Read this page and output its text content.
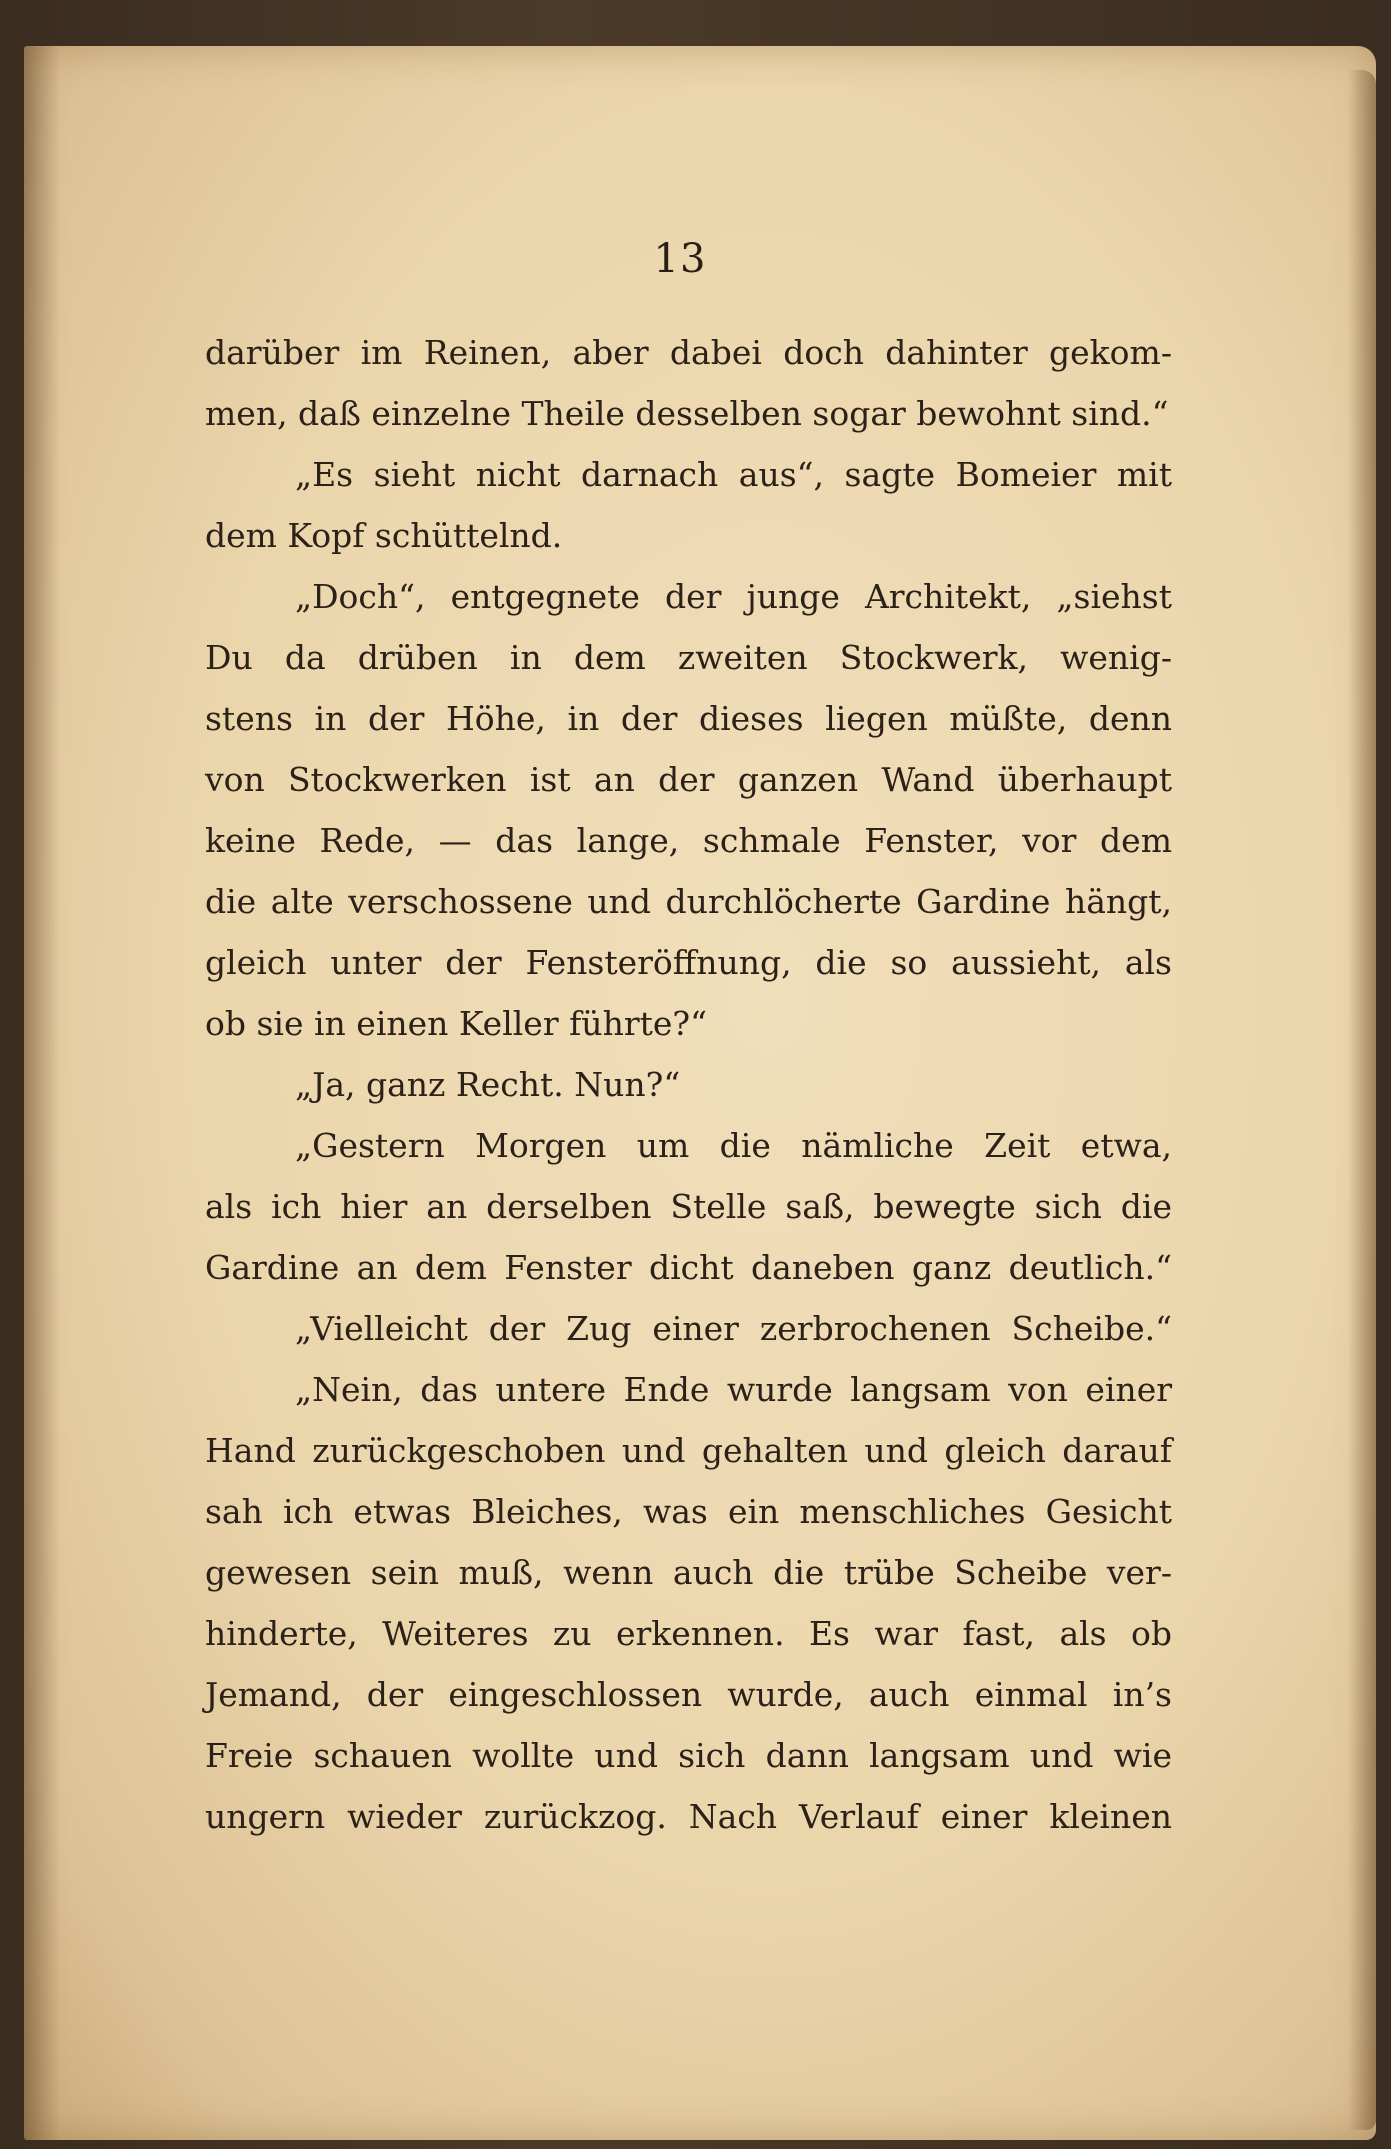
13
darüber im Reinen, aber dabei doch dahinter gekom-
men, daß einzelne Theile desselben sogar bewohnt sind.“
„Es sieht nicht darnach aus“, sagte Bomeier mit
dem Kopf schüttelnd.
„Doch“, entgegnete der junge Architekt, „siehst
Du da drüben in dem zweiten Stockwerk, wenig-
stens in der Höhe, in der dieses liegen müßte, denn
von Stockwerken ist an der ganzen Wand überhaupt
keine Rede, — das lange, schmale Fenster, vor dem
die alte verschossene und durchlöcherte Gardine hängt,
gleich unter der Fensteröffnung, die so aussieht, als
ob sie in einen Keller führte?“
„Ja, ganz Recht. Nun?“
„Gestern Morgen um die nämliche Zeit etwa,
als ich hier an derselben Stelle saß, bewegte sich die
Gardine an dem Fenster dicht daneben ganz deutlich.“
„Vielleicht der Zug einer zerbrochenen Scheibe.“
„Nein, das untere Ende wurde langsam von einer
Hand zurückgeschoben und gehalten und gleich darauf
sah ich etwas Bleiches, was ein menschliches Gesicht
gewesen sein muß, wenn auch die trübe Scheibe ver-
hinderte, Weiteres zu erkennen. Es war fast, als ob
Jemand, der eingeschlossen wurde, auch einmal in’s
Freie schauen wollte und sich dann langsam und wie
ungern wieder zurückzog. Nach Verlauf einer kleinen
